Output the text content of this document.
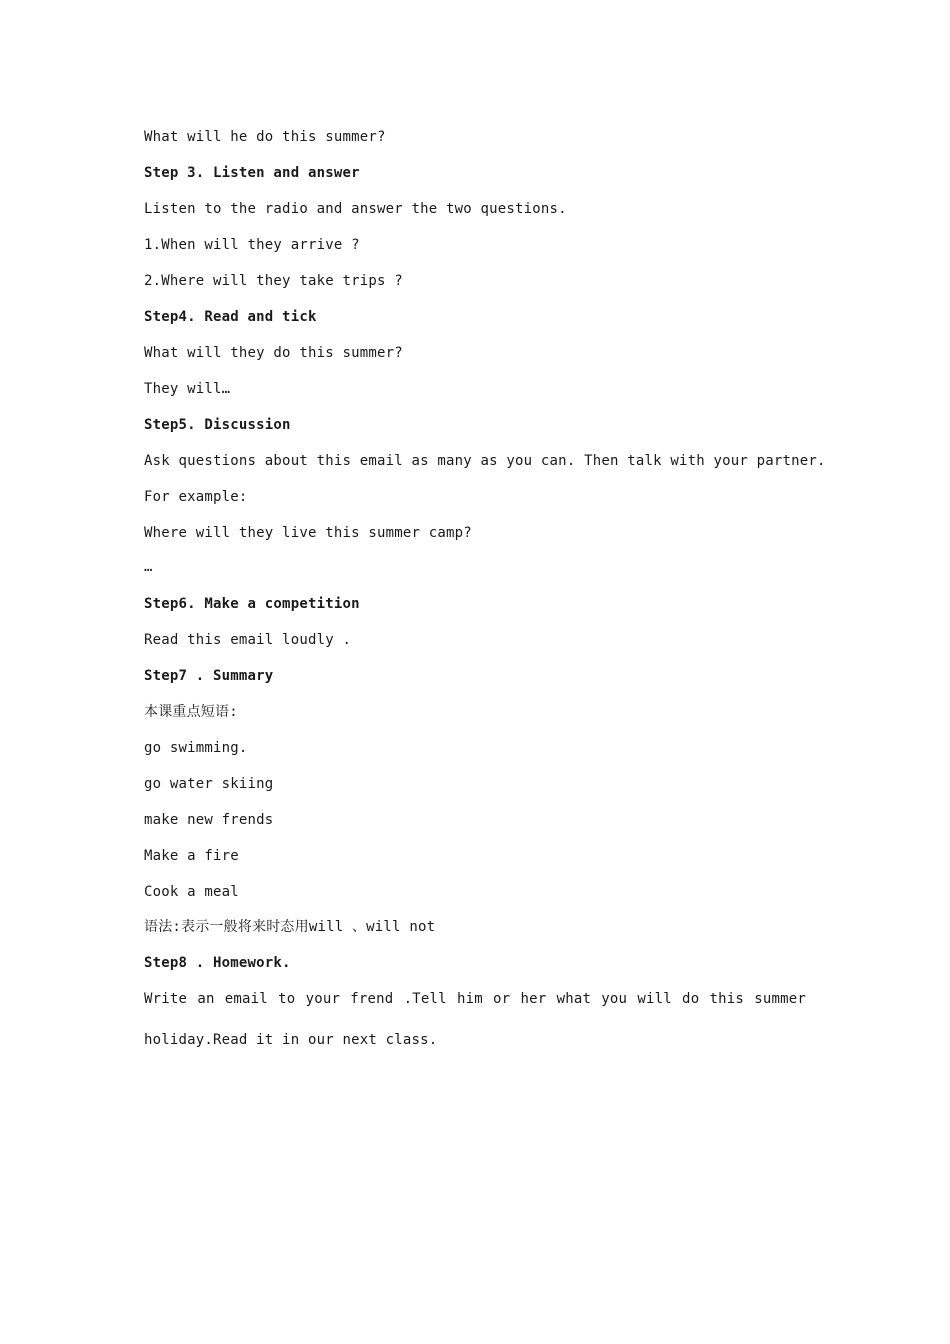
What will he do this summer?
Step 3. Listen and answer
Listen to the radio and answer the two questions.
1.When will they arrive ?
2.Where will they take trips ?
Step4. Read and tick
What will they do this summer?
They will…
Step5. Discussion
Ask questions about this email as many as you can. Then talk with your partner.
For example:
Where will they live this summer camp?
…
Step6. Make a competition
Read this email loudly .
Step7 . Summary
本课重点短语:
go swimming.
go water skiing
make new frends
Make a fire
Cook a meal
语法:表示一般将来时态用will 、will not
Step8 . Homework.
Write an email to your frend .Tell him or her what you will do this summer
holiday.Read it in our next class.
